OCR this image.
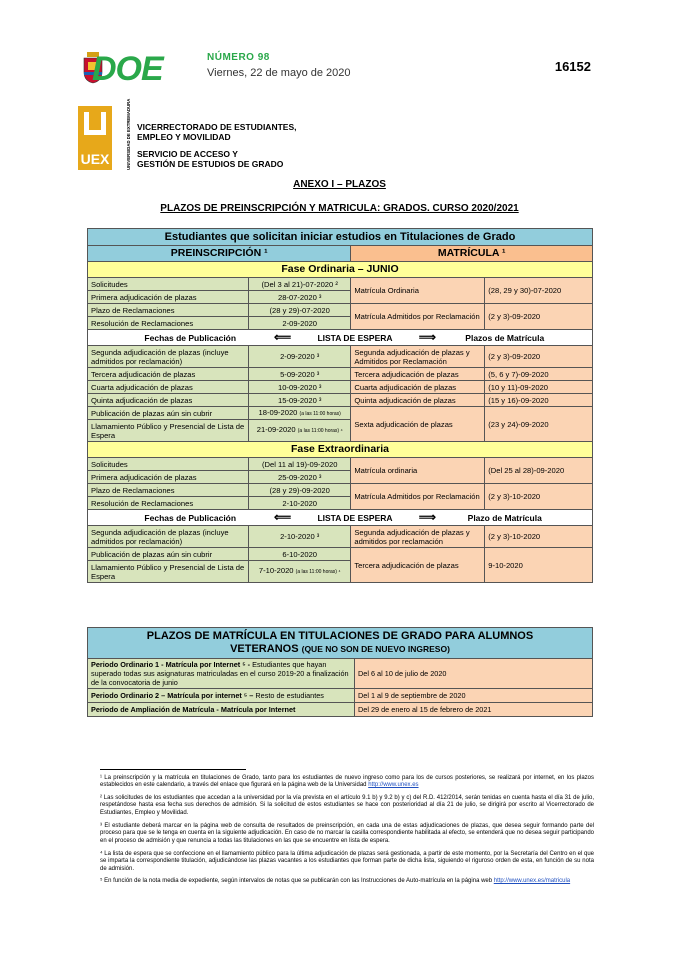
DOE	NÚMERO 98
Viernes, 22 de mayo de 2020	16152
UEX	UNIVERSIDAD DE EXTREMADURA VICERRECTORADO DE ESTUDIANTES,
EMPLEO Y MOVILIDAD
SERVICIO DE ACCESO Y
GESTIÓN DE ESTUDIOS DE GRADO
ANEXO I – PLAZOS
PLAZOS DE PREINSCRIPCIÓN Y MATRICULA: GRADOS. CURSO 2020/2021
Estudiantes que solicitan iniciar estudios en Titulaciones de Grado			
PREINSCRIPCIÓN ¹		MATRÍCULA ¹	
Fase Ordinaria – JUNIO			
Solicitudes	(Del 3 al 21)-07-2020 ²	Matrícula Ordinaria	(28, 29 y 30)-07-2020
Primera adjudicación de plazas	28-07-2020 ³		
Plazo de Reclamaciones	(28 y 29)-07-2020	Matrícula Admitidos por Reclamación	(2 y 3)-09-2020
Resolución de Reclamaciones	2-09-2020		
Fechas de Publicación ⟸ LISTA DE ESPERA ⟹ Plazos de Matrícula			
Segunda adjudicación de plazas (incluye admitidos por reclamación)	2-09-2020 ³	Segunda adjudicación de plazas y Admitidos por Reclamación	(2 y 3)-09-2020
Tercera adjudicación de plazas	5-09-2020 ³	Tercera adjudicación de plazas	(5, 6 y 7)-09-2020
Cuarta adjudicación de plazas	10-09-2020 ³	Cuarta adjudicación de plazas	(10 y 11)-09-2020
Quinta adjudicación de plazas	15-09-2020 ³	Quinta adjudicación de plazas	(15 y 16)-09-2020
Publicación de plazas aún sin cubrir	18-09-2020 (a las 11:00 horas)	Sexta adjudicación de plazas	(23 y 24)-09-2020
Llamamiento Público y Presencial de Lista de Espera	21-09-2020 (a las 11:00 horas) ⁴		
Fase Extraordinaria			
Solicitudes	(Del 11 al 19)-09-2020	Matrícula ordinaria	(Del 25 al 28)-09-2020
Primera adjudicación de plazas	25-09-2020 ³		
Plazo de Reclamaciones	(28 y 29)-09-2020	Matrícula Admitidos por Reclamación	(2 y 3)-10-2020
Resolución de Reclamaciones	2-10-2020		
Fechas de Publicación ⟸ LISTA DE ESPERA ⟹ Plazo de Matrícula			
Segunda adjudicación de plazas (incluye admitidos por reclamación)	2-10-2020 ³	Segunda adjudicación de plazas y admitidos por reclamación	(2 y 3)-10-2020
Publicación de plazas aún sin cubrir	6-10-2020	Tercera adjudicación de plazas	9-10-2020
Llamamiento Público y Presencial de Lista de Espera	7-10-2020 (a las 11:00 horas) ⁴		
PLAZOS DE MATRÍCULA EN TITULACIONES DE GRADO PARA ALUMNOS
VETERANOS (QUE NO SON DE NUEVO INGRESO)	

Periodo Ordinario 1 - Matrícula por Internet ⁵ - Estudiantes que hayan superado todas sus asignaturas matriculadas en el curso 2019-20 a finalización de la convocatoria de junio	Del 6 al 10 de julio de 2020
Periodo Ordinario 2 – Matrícula por internet ⁵ – Resto de estudiantes	Del 1 al 9 de septiembre de 2020
Periodo de Ampliación de Matrícula - Matrícula por Internet	Del 29 de enero al 15 de febrero de 2021
¹ La preinscripción y la matrícula en titulaciones de Grado, tanto para los estudiantes de nuevo ingreso como para los de cursos posteriores, se realizará por internet, en los plazos establecidos en este calendario, a través del enlace que figurará en la página web de la Universidad http://www.unex.es
² Las solicitudes de los estudiantes que accedan a la universidad por la vía prevista en el artículo 9.1 b) y 9.2 b) y c) del R.D. 412/2014, serán tenidas en cuenta hasta el día 31 de julio, respetándose hasta esa fecha sus derechos de admisión. Si la solicitud de estos estudiantes se hace con posterioridad al día 21 de julio, se dirigirá por escrito al Vicerrectorado de Estudiantes, Empleo y Movilidad.
³ El estudiante deberá marcar en la página web de consulta de resultados de preinscripción, en cada una de estas adjudicaciones de plazas, que desea seguir formando parte del proceso para que se le tenga en cuenta en la siguiente adjudicación. En caso de no marcar la casilla correspondiente habilitada al efecto, se entenderá que no desea seguir participando en el proceso de admisión y que renuncia a todas las titulaciones en las que se encuentre en lista de espera.
⁴ La lista de espera que se confeccione en el llamamiento público para la última adjudicación de plazas será gestionada, a partir de este momento, por la Secretaría del Centro en el que se imparta la correspondiente titulación, adjudicándose las plazas vacantes a los estudiantes que forman parte de dicha lista, siguiendo el riguroso orden de esta, en función de su nota de admisión.
⁵ En función de la nota media de expediente, según intervalos de notas que se publicarán con las Instrucciones de Auto-matrícula en la página web http://www.unex.es/matricula
